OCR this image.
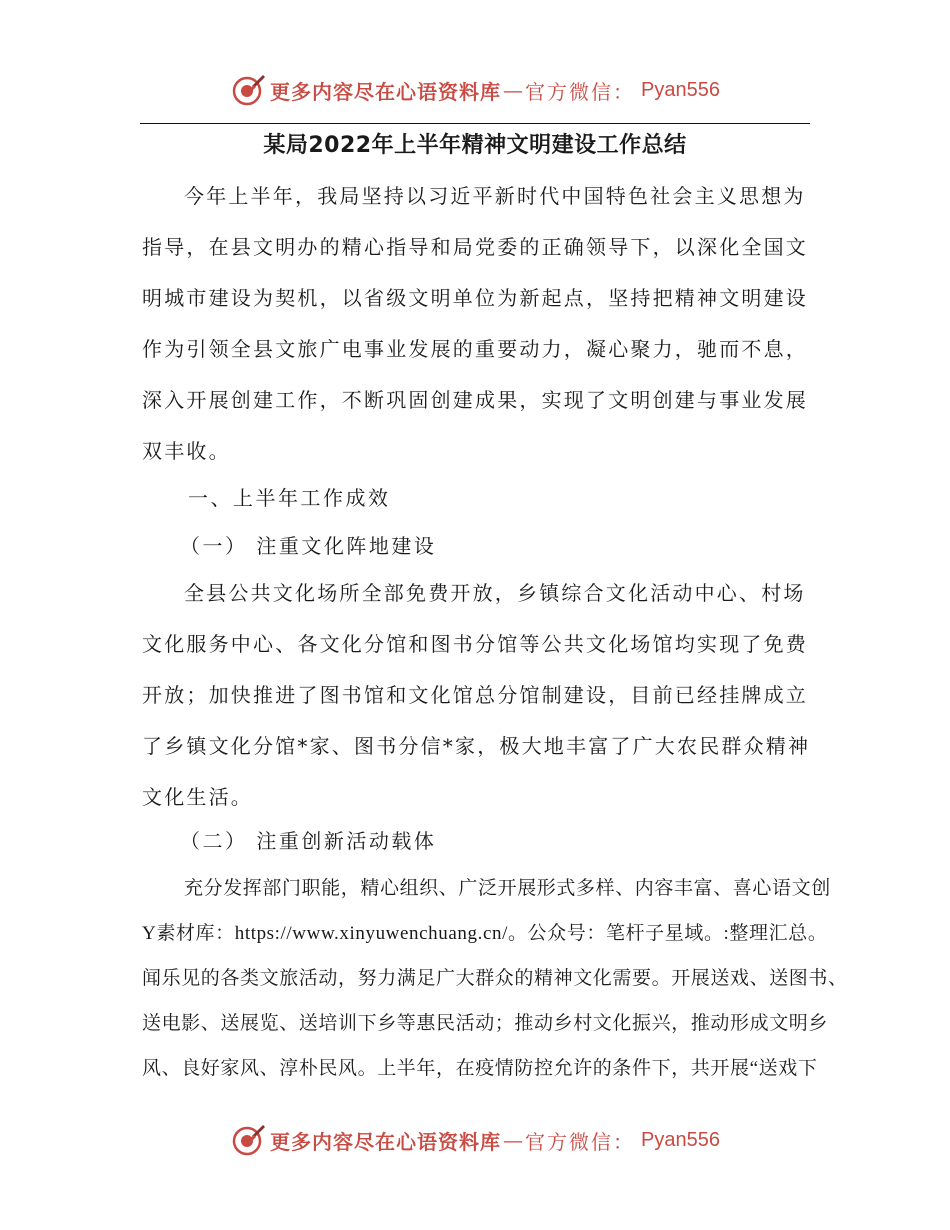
更多内容尽在心语资料库 — 官方微信： Pyan556
某局2022年上半年精神文明建设工作总结
今年上半年，我局坚持以习近平新时代中国特色社会主义思想为
指导，在县文明办的精心指导和局党委的正确领导下，以深化全国文
明城市建设为契机，以省级文明单位为新起点，坚持把精神文明建设
作为引领全县文旅广电事业发展的重要动力，凝心聚力，驰而不息，
深入开展创建工作，不断巩固创建成果，实现了文明创建与事业发展
双丰收。
一、上半年工作成效
（一） 注重文化阵地建设
全县公共文化场所全部免费开放，乡镇综合文化活动中心、村场
文化服务中心、各文化分馆和图书分馆等公共文化场馆均实现了免费
开放；加快推进了图书馆和文化馆总分馆制建设，目前已经挂牌成立
了乡镇文化分馆*家、图书分信*家，极大地丰富了广大农民群众精神
文化生活。
（二） 注重创新活动载体
充分发挥部门职能，精心组织、广泛开展形式多样、内容丰富、喜心语文创
Y素材库：https://www.xinyuwenchuang.cn/。公众号：笔杆子星域。:整理汇总。
闻乐见的各类文旅活动，努力满足广大群众的精神文化需要。开展送戏、送图书、
送电影、送展览、送培训下乡等惠民活动；推动乡村文化振兴，推动形成文明乡
风、良好家风、淳朴民风。上半年，在疫情防控允许的条件下，共开展“送戏下
更多内容尽在心语资料库 — 官方微信： Pyan556
